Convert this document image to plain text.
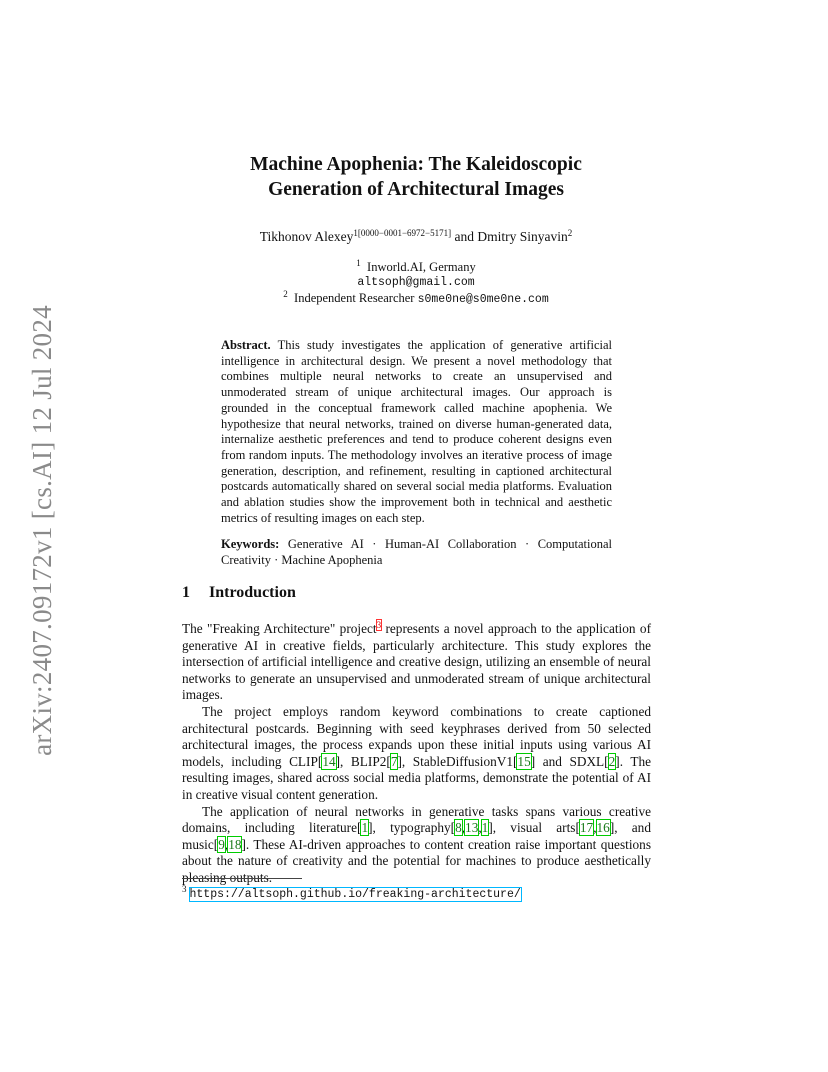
arXiv:2407.09172v1 [cs.AI] 12 Jul 2024
Machine Apophenia: The Kaleidoscopic
Generation of Architectural Images
Tikhonov Alexey$^{1[0000-0001-6972-5171]}$ and Dmitry Sinyavin$^2$
$^1$ Inworld.AI, Germany
altsoph@gmail.com
$^2$ Independent Researcher s0me0ne@s0me0ne.com
Abstract. This study investigates the application of generative artificial intelligence in architectural design. We present a novel methodology that combines multiple neural networks to create an unsupervised and unmoderated stream of unique architectural images. Our approach is grounded in the conceptual framework called machine apophenia. We hypothesize that neural networks, trained on diverse human-generated data, internalize aesthetic preferences and tend to produce coherent designs even from random inputs. The methodology involves an iterative process of image generation, description, and refinement, resulting in captioned architectural postcards automatically shared on several social media platforms. Evaluation and ablation studies show the improvement both in technical and aesthetic metrics of resulting images on each step.
Keywords: Generative AI · Human-AI Collaboration · Computational Creativity · Machine Apophenia
1 Introduction

The "Freaking Architecture" project$^3$ represents a novel approach to the application of generative AI in creative fields, particularly architecture. This study explores the intersection of artificial intelligence and creative design, utilizing an ensemble of neural networks to generate an unsupervised and unmoderated stream of unique architectural images.

The project employs random keyword combinations to create captioned architectural postcards. Beginning with seed keyphrases derived from 50 selected architectural images, the process expands upon these initial inputs using various AI models, including CLIP[14], BLIP2[7], StableDiffusionV1[15] and SDXL[2]. The resulting images, shared across social media platforms, demonstrate the potential of AI in creative visual content generation.

The application of neural networks in generative tasks spans various creative domains, including literature[1], typography[8,13,1], visual arts[17,16], and music[9,18]. These AI-driven approaches to content creation raise important questions about the nature of creativity and the potential for machines to produce aesthetically pleasing outputs.

$^3$ https://altsoph.github.io/freaking-architecture/
